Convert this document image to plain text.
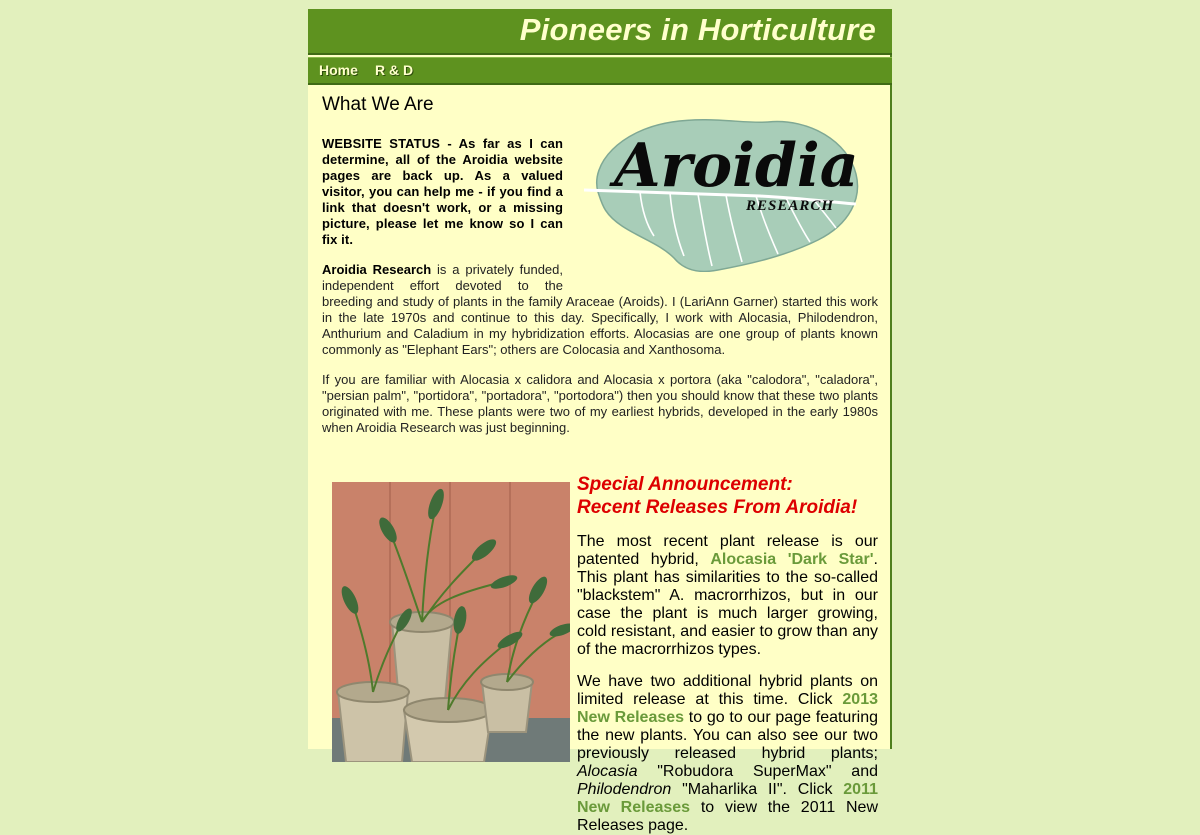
Pioneers in Horticulture
Home R & D
What We Are
Aroidia
RESEARCH

WEBSITE STATUS - As far as I can determine, all of the Aroidia website pages are back up. As a valued visitor, you can help me - if you find a link that doesn't work, or a missing picture, please let me know so I can fix it.

Aroidia Research is a privately funded, independent effort devoted to the breeding and study of plants in the family Araceae (Aroids). I (LariAnn Garner) started this work in the late 1970s and continue to this day. Specifically, I work with Alocasia, Philodendron, Anthurium and Caladium in my hybridization efforts. Alocasias are one group of plants known commonly as "Elephant Ears"; others are Colocasia and Xanthosoma.

If you are familiar with Alocasia x calidora and Alocasia x portora (aka "calodora", "caladora", "persian palm", "portidora", "portadora", "portodora") then you should know that these two plants originated with me. These plants were two of my earliest hybrids, developed in the early 1980s when Aroidia Research was just beginning.

Special Announcement:
Recent Releases From Aroidia!

The most recent plant release is our patented hybrid, Alocasia 'Dark Star'. This plant has similarities to the so-called "blackstem" A. macrorrhizos, but in our case the plant is much larger growing, cold resistant, and easier to grow than any of the macrorrhizos types.

We have two additional hybrid plants on limited release at this time. Click 2013 New Releases to go to our page featuring the new plants. You can also see our two previously released hybrid plants; Alocasia "Robudora SuperMax" and Philodendron "Maharlika II". Click 2011 New Releases to view the 2011 New Releases page.
